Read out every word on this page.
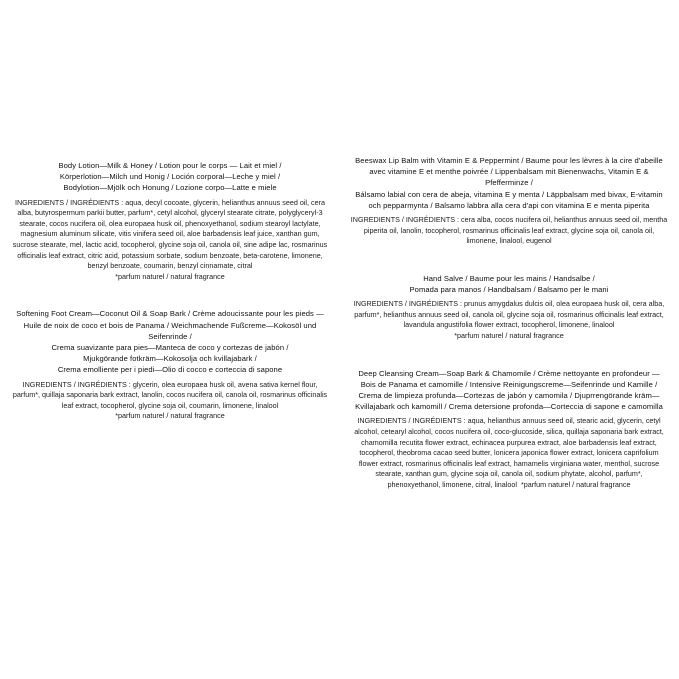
Body Lotion—Milk & Honey / Lotion pour le corps — Lait et miel /
Körperlotion—Milch und Honig / Loción corporal—Leche y miel /
Bodylotion—Mjölk och Honung / Lozione corpo—Latte e miele
INGREDIENTS / INGRÉDIENTS : aqua, decyl cocoate, glycerin, helianthus annuus seed oil, cera alba, butyrospermum parkii butter, parfum*, cetyl alcohol, glyceryl stearate citrate, polyglyceryl-3 stearate, cocos nucifera oil, olea europaea husk oil, phenoxyethanol, sodium stearoyl lactylate, magnesium aluminum silicate, vitis vinifera seed oil, aloe barbadensis leaf juice, xanthan gum, sucrose stearate, mel, lactic acid, tocopherol, glycine soja oil, canola oil, sine adipe lac, rosmarinus officinalis leaf extract, citric acid, potassium sorbate, sodium benzoate, beta-carotene, limonene, benzyl benzoate, coumarin, benzyl cinnamate, citral
*parfum naturel / natural fragrance
Softening Foot Cream—Coconut Oil & Soap Bark / Crème adoucissante pour les pieds —
Huile de noix de coco et bois de Panama / Weichmachende Fußcreme—Kokosöl und Seifenrinde /
Crema suavizante para pies—Manteca de coco y cortezas de jabón /
Mjukgörande fotkräm—Kokosolja och kvillajabark /
Crema emolliente per i piedi—Olio di cocco e corteccia di sapone
INGREDIENTS / INGRÉDIENTS : glycerin, olea europaea husk oil, avena sativa kernel flour, parfum*, quillaja saponaria bark extract, lanolin, cocos nucifera oil, canola oil, rosmarinus officinalis leaf extract, tocopherol, glycine soja oil, coumarin, limonene, linalool
*parfum naturel / natural fragrance
Beeswax Lip Balm with Vitamin E & Peppermint / Baume pour les lèvres à la cire d'abeille
avec vitamine E et menthe poivrée / Lippenbalsam mit Bienenwachs, Vitamin E & Pfefferminze /
Bálsamo labial con cera de abeja, vitamina E y menta / Läppbalsam med bivax, E-vitamin
och pepparmynta / Balsamo labbra alla cera d'api con vitamina E e menta piperita
INGREDIENTS / INGRÉDIENTS : cera alba, cocos nucifera oil, helianthus annuus seed oil, mentha piperita oil, lanolin, tocopherol, rosmarinus officinalis leaf extract, glycine soja oil, canola oil, limonene, linalool, eugenol
Hand Salve / Baume pour les mains / Handsalbe /
Pomada para manos / Handbalsam / Balsamo per le mani
INGREDIENTS / INGRÉDIENTS : prunus amygdalus dulcis oil, olea europaea husk oil, cera alba, parfum*, helianthus annuus seed oil, canola oil, glycine soja oil, rosmarinus officinalis leaf extract, lavandula angustifolia flower extract, tocopherol, limonene, linalool
*parfum naturel / natural fragrance
Deep Cleansing Cream—Soap Bark & Chamomile / Crème nettoyante en profondeur —
Bois de Panama et camomille / Intensive Reinigungscreme—Seifenrinde und Kamille /
Crema de limpieza profunda—Cortezas de jabón y camomila / Djuprrengörande kräm—
Kvillajabark och kamomill / Crema detersione profonda—Corteccia di sapone e camomilla
INGREDIENTS / INGRÉDIENTS : aqua, helianthus annuus seed oil, stearic acid, glycerin, cetyl alcohol, cetearyl alcohol, cocos nucifera oil, coco-glucoside, silica, quillaja saponaria bark extract, chamomilla recutita flower extract, echinacea purpurea extract, aloe barbadensis leaf extract, tocopherol, theobroma cacao seed butter, lonicera japonica flower extract, lonicera caprifolium flower extract, rosmarinus officinalis leaf extract, hamamelis virginiana water, menthol, sucrose stearate, xanthan gum, glycine soja oil, canola oil, sodium phytate, alcohol, parfum*, phenoxyethanol, limonene, citral, linalool *parfum naturel / natural fragrance
